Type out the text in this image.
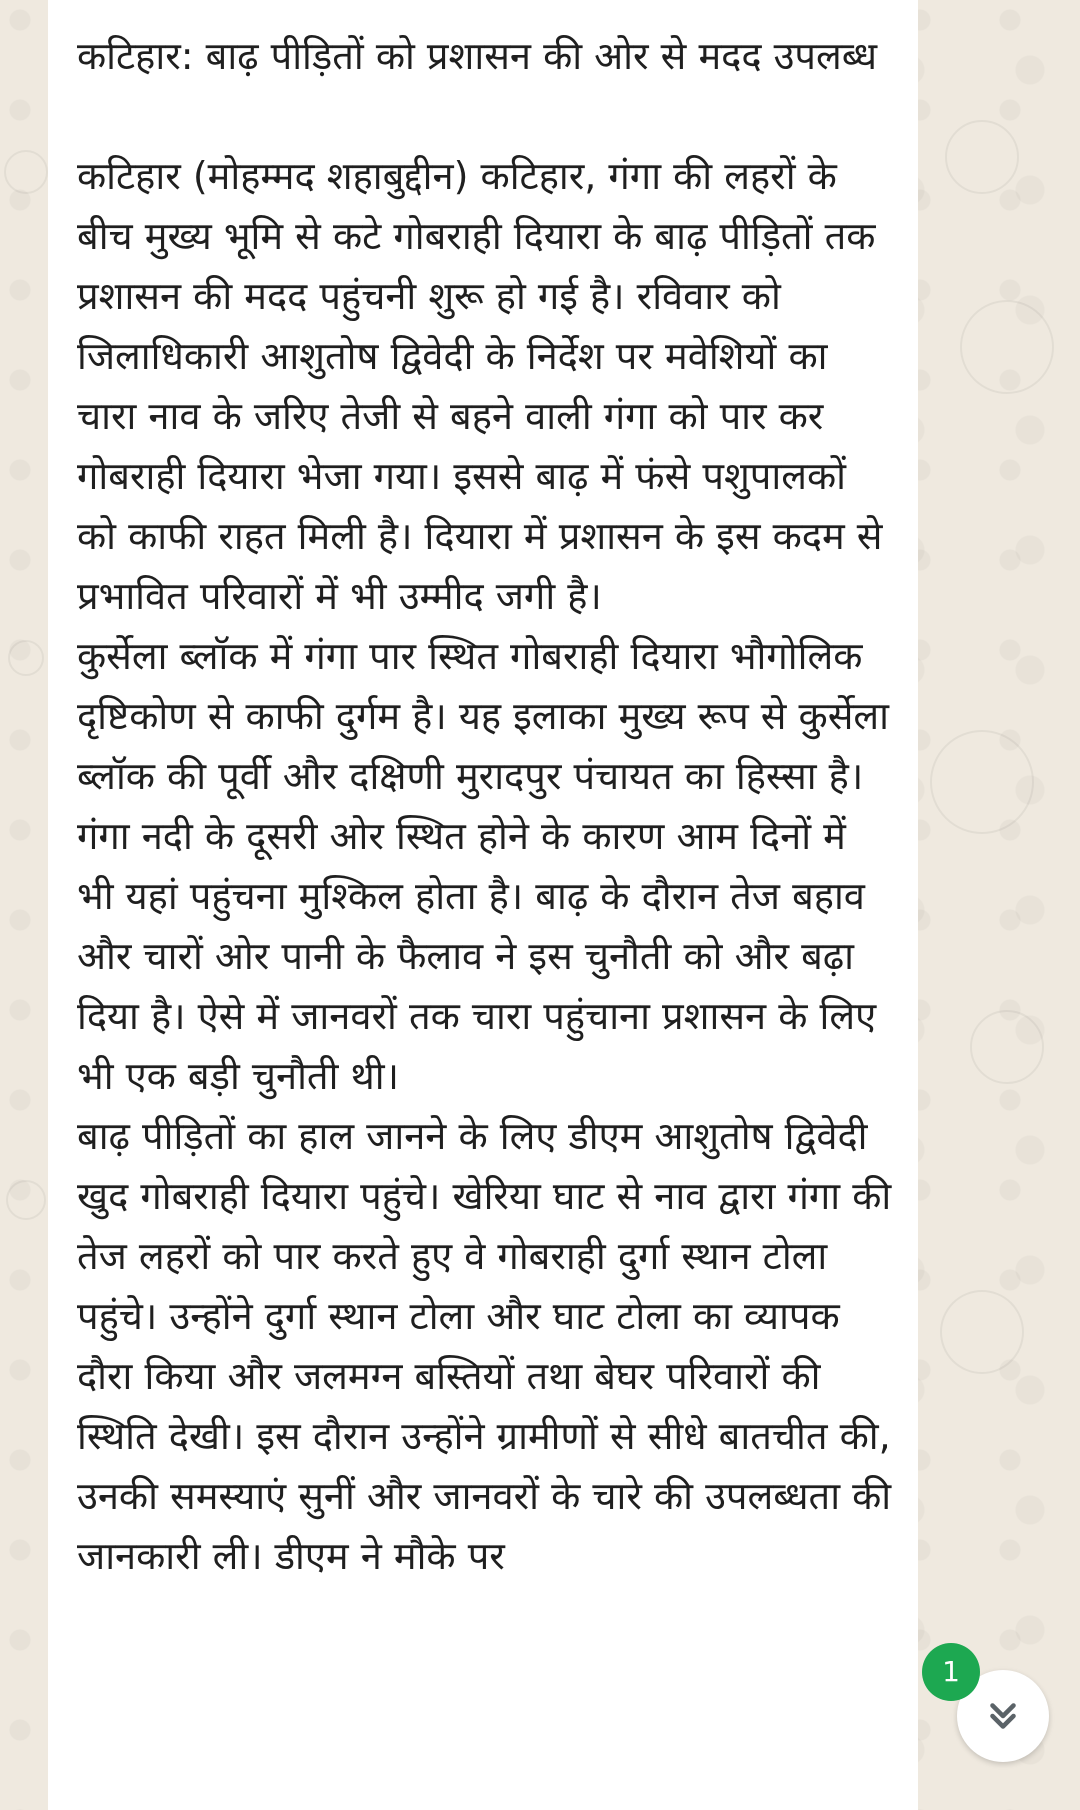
कटिहार: बाढ़ पीड़ितों को प्रशासन की ओर से मदद उपलब्ध

कटिहार (मोहम्मद शहाबुद्दीन) कटिहार, गंगा की लहरों के बीच मुख्य भूमि से कटे गोबराही दियारा के बाढ़ पीड़ितों तक प्रशासन की मदद पहुंचनी शुरू हो गई है। रविवार को जिलाधिकारी आशुतोष द्विवेदी के निर्देश पर मवेशियों का चारा नाव के जरिए तेजी से बहने वाली गंगा को पार कर गोबराही दियारा भेजा गया। इससे बाढ़ में फंसे पशुपालकों को काफी राहत मिली है। दियारा में प्रशासन के इस कदम से प्रभावित परिवारों में भी उम्मीद जगी है।

कुर्सेला ब्लॉक में गंगा पार स्थित गोबराही दियारा भौगोलिक दृष्टिकोण से काफी दुर्गम है। यह इलाका मुख्य रूप से कुर्सेला ब्लॉक की पूर्वी और दक्षिणी मुरादपुर पंचायत का हिस्सा है। गंगा नदी के दूसरी ओर स्थित होने के कारण आम दिनों में भी यहां पहुंचना मुश्किल होता है। बाढ़ के दौरान तेज बहाव और चारों ओर पानी के फैलाव ने इस चुनौती को और बढ़ा दिया है। ऐसे में जानवरों तक चारा पहुंचाना प्रशासन के लिए भी एक बड़ी चुनौती थी।

बाढ़ पीड़ितों का हाल जानने के लिए डीएम आशुतोष द्विवेदी खुद गोबराही दियारा पहुंचे। खेरिया घाट से नाव द्वारा गंगा की तेज लहरों को पार करते हुए वे गोबराही दुर्गा स्थान टोला पहुंचे। उन्होंने दुर्गा स्थान टोला और घाट टोला का व्यापक दौरा किया और जलमग्न बस्तियों तथा बेघर परिवारों की स्थिति देखी। इस दौरान उन्होंने ग्रामीणों से सीधे बातचीत की, उनकी समस्याएं सुनीं और जानवरों के चारे की उपलब्धता की जानकारी ली। डीएम ने मौके पर

1
